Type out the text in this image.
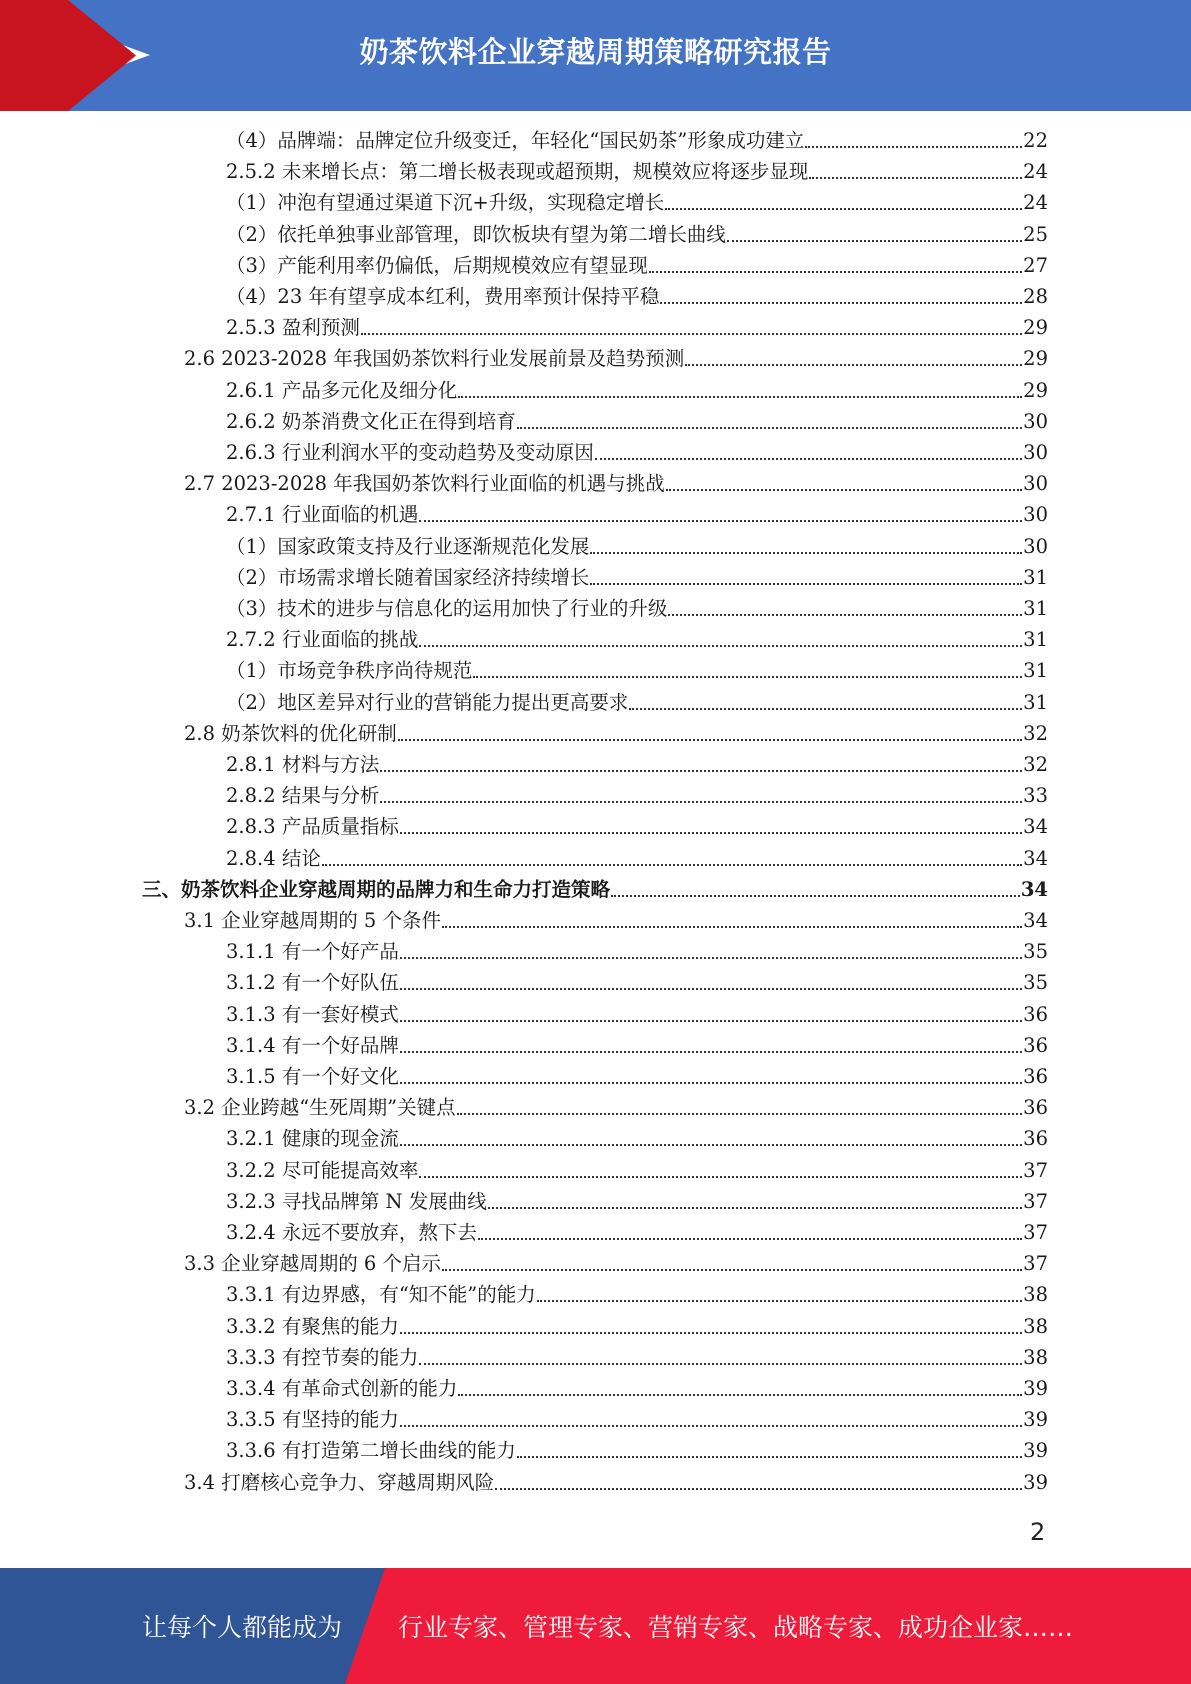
奶茶饮料企业穿越周期策略研究报告
（4）品牌端：品牌定位升级变迁，年轻化“国民奶茶”形象成功建立	22
2.5.2 未来增长点：第二增长极表现或超预期，规模效应将逐步显现	24
（1）冲泡有望通过渠道下沉+升级，实现稳定增长	24
（2）依托单独事业部管理，即饮板块有望为第二增长曲线	25
（3）产能利用率仍偏低，后期规模效应有望显现	27
（4）23 年有望享成本红利，费用率预计保持平稳	28
2.5.3 盈利预测	29
2.6 2023-2028 年我国奶茶饮料行业发展前景及趋势预测	29
2.6.1 产品多元化及细分化	29
2.6.2 奶茶消费文化正在得到培育	30
2.6.3 行业利润水平的变动趋势及变动原因	30
2.7 2023-2028 年我国奶茶饮料行业面临的机遇与挑战	30
2.7.1 行业面临的机遇	30
（1）国家政策支持及行业逐渐规范化发展	30
（2）市场需求增长随着国家经济持续增长	31
（3）技术的进步与信息化的运用加快了行业的升级	31
2.7.2 行业面临的挑战	31
（1）市场竞争秩序尚待规范	31
（2）地区差异对行业的营销能力提出更高要求	31
2.8 奶茶饮料的优化研制	32
2.8.1 材料与方法	32
2.8.2 结果与分析	33
2.8.3 产品质量指标	34
2.8.4 结论	34
三、奶茶饮料企业穿越周期的品牌力和生命力打造策略	34
3.1 企业穿越周期的 5 个条件	34
3.1.1 有一个好产品	35
3.1.2 有一个好队伍	35
3.1.3 有一套好模式	36
3.1.4 有一个好品牌	36
3.1.5 有一个好文化	36
3.2 企业跨越“生死周期”关键点	36
3.2.1 健康的现金流	36
3.2.2 尽可能提高效率	37
3.2.3 寻找品牌第 N 发展曲线	37
3.2.4 永远不要放弃，熬下去	37
3.3 企业穿越周期的 6 个启示	37
3.3.1 有边界感，有“知不能”的能力	38
3.3.2 有聚焦的能力	38
3.3.3 有控节奏的能力	38
3.3.4 有革命式创新的能力	39
3.3.5 有坚持的能力	39
3.3.6 有打造第二增长曲线的能力	39
3.4 打磨核心竞争力、穿越周期风险	39
2
让每个人都能成为 行业专家、管理专家、营销专家、战略专家、成功企业家……
